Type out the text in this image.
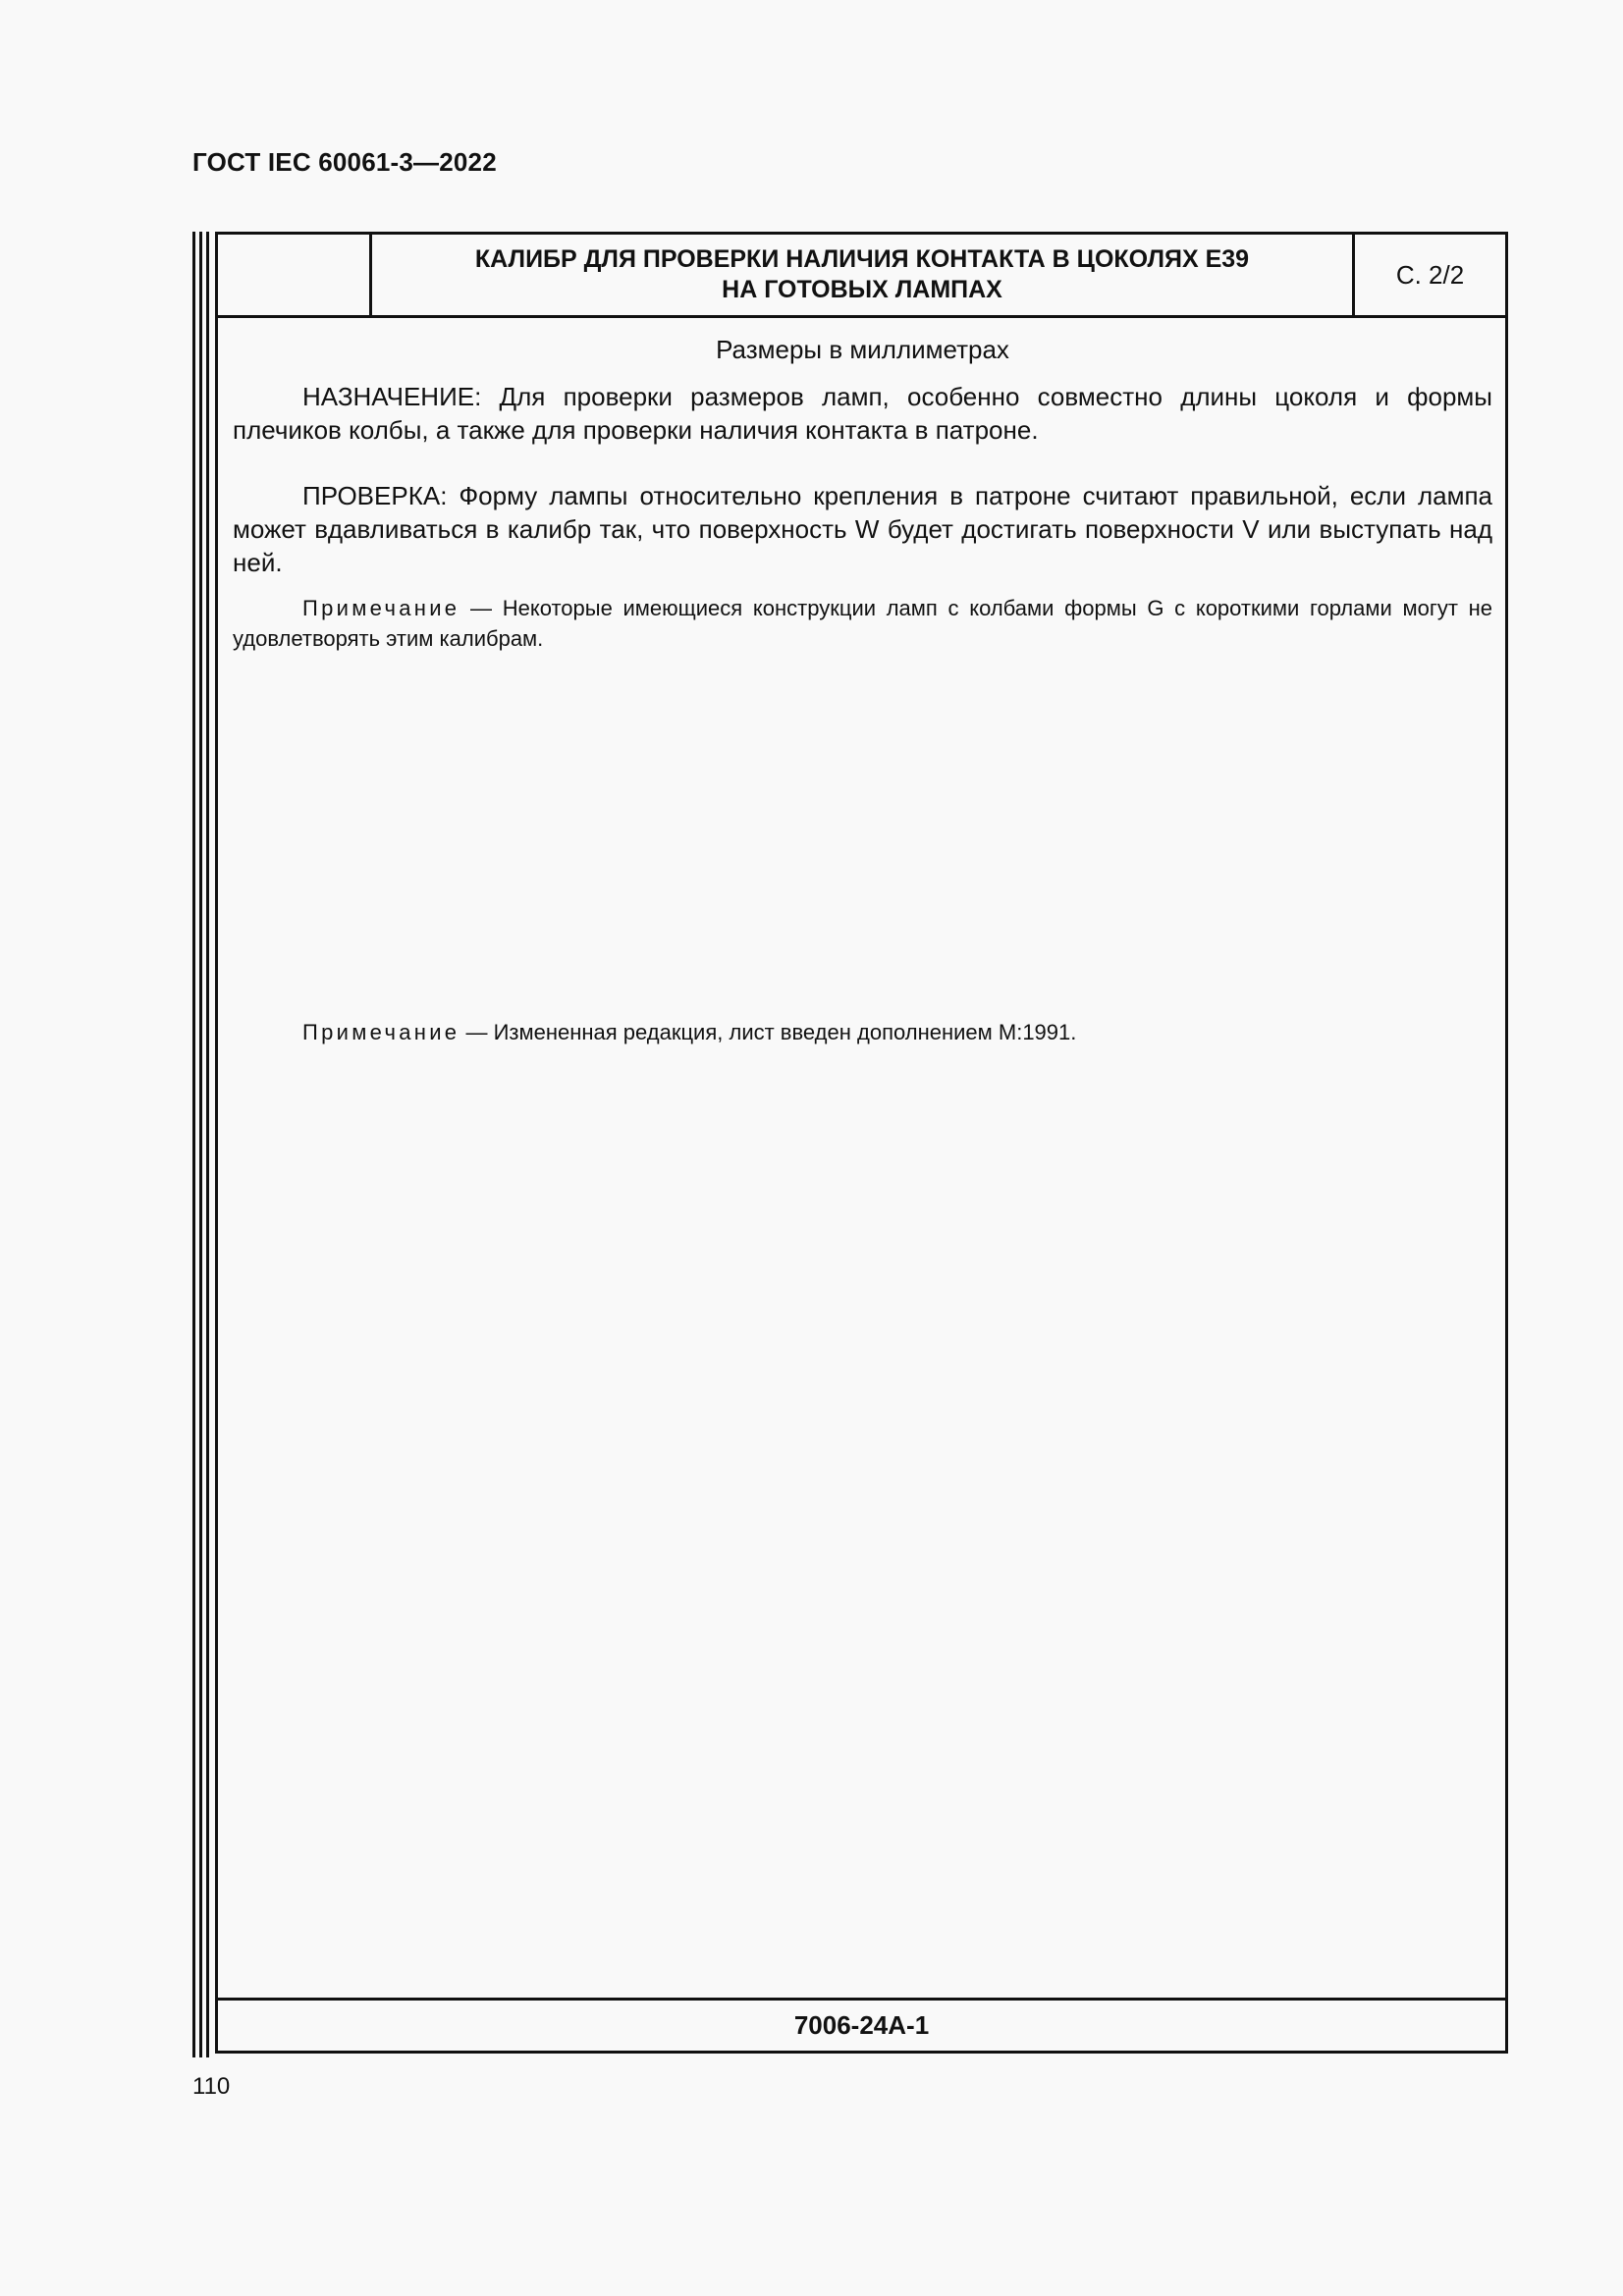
ГОСТ IEC 60061-3—2022
КАЛИБР ДЛЯ ПРОВЕРКИ НАЛИЧИЯ КОНТАКТА В ЦОКОЛЯХ Е39
НА ГОТОВЫХ ЛАМПАХ
С. 2/2

Размеры в миллиметрах

НАЗНАЧЕНИЕ: Для проверки размеров ламп, особенно совместно длины цоколя и формы плечиков колбы, а также для проверки наличия контакта в патроне.

ПРОВЕРКА: Форму лампы относительно крепления в патроне считают правильной, если лампа может вдавливаться в калибр так, что поверхность W будет достигать поверхности V или выступать над ней.

Примечание — Некоторые имеющиеся конструкции ламп с колбами формы G с короткими горлами могут не удовлетворять этим калибрам.

Примечание — Измененная редакция, лист введен дополнением М:1991.

7006-24А-1
110
